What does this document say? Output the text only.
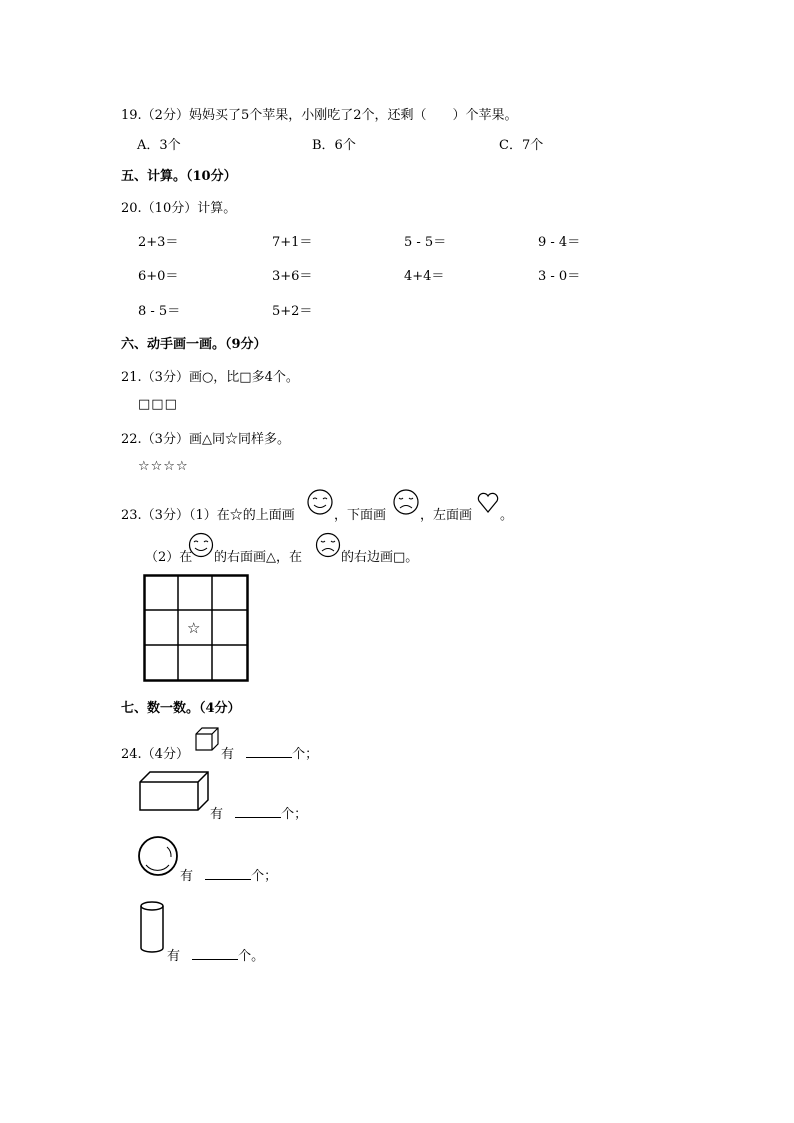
19.（2分）妈妈买了5个苹果，小刚吃了2个，还剩（　　）个苹果。
A．3个	B．6个	C．7个
五、计算。（10分）
20.（10分）计算。
2+3＝	7+1＝	5 - 5＝	9 - 4＝
6+0＝	3+6＝	4+4＝	3 - 0＝
8 - 5＝	5+2＝
六、动手画一画。（9分）
21.（3分）画○，比□多4个。
□□□
22.（3分）画△同☆同样多。
☆☆☆☆
23.（3分）（1）在☆的上面画	，下面画	，左面画 。
（2）在 的右面画△，在	的右边画□。
☆
七、数一数。（4分）
24.（4分） 有	个；
有	个；
有	个；
有	个。
